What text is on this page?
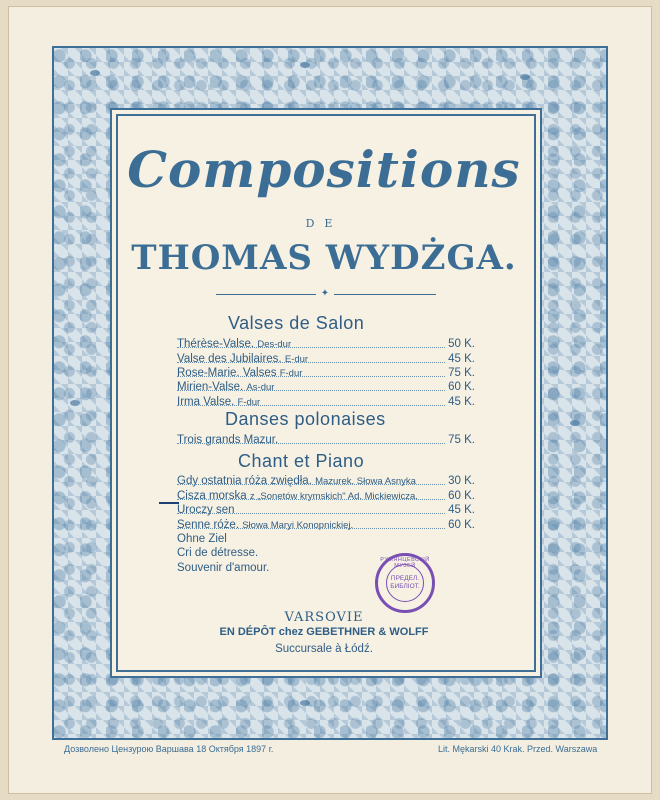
Compositions
DE
THOMAS WYDŻGA.
✦
Valses de Salon
Thérèse-Valse. Des-dur	50 K.
Valse des Jubilaires. E-dur	45 K.
Rose-Marie. Valses F-dur	75 K.
Mirien-Valse. As-dur	60 K.
Irma Valse. F-dur	45 K.
Danses polonaises
Trois grands Mazur.	75 K.
Chant et Piano
Gdy ostatnia róża zwiędła. Mazurek. Słowa Asnyka	30 K.
Cisza morska z „Sonetów krymskich" Ad. Mickiewicza.	60 K.
Uroczy sen	45 K.
Senne róże. Słowa Maryi Konopnickiej.	60 K.
Ohne Ziel
Cri de détresse.
Souvenir d'amour.
РУМЯНЦЕВСКІЙ МУЗЕЙ
ПРЕДЕЛ.
БИБЛІОТ.
VARSOVIE
EN DÉPÔT chez GEBETHNER & WOLFF
Succursale à Łódź.
Дозволено Цензурою Варшава 18 Октября 1897 г.	Lit. Mękarski 40 Krak. Przed. Warszawa
